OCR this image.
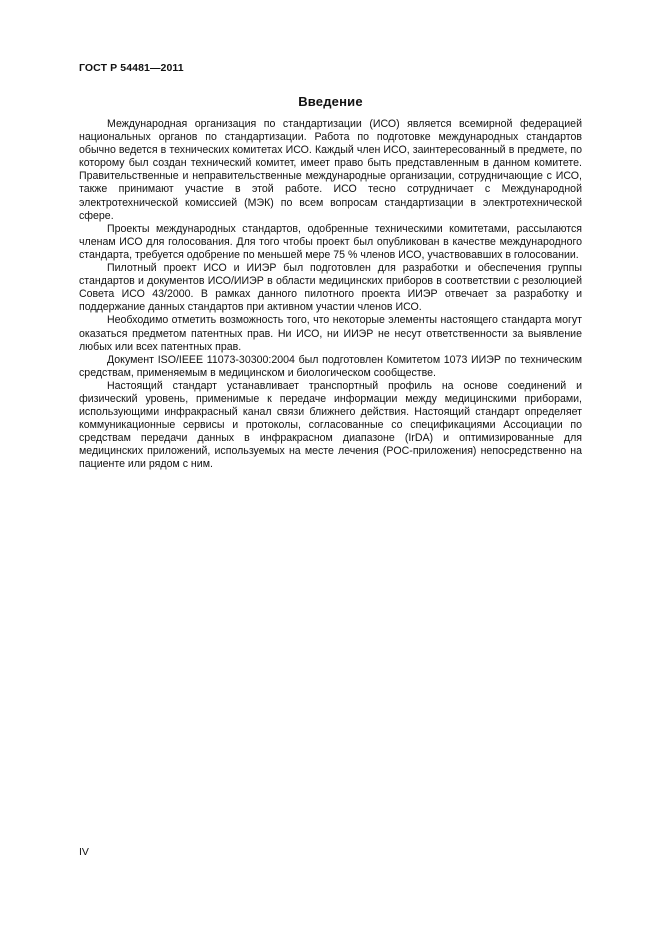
ГОСТ Р 54481—2011
Введение

Международная организация по стандартизации (ИСО) является всемирной федерацией национальных органов по стандартизации. Работа по подготовке международных стандартов обычно ведется в технических комитетах ИСО. Каждый член ИСО, заинтересованный в предмете, по которому был создан технический комитет, имеет право быть представленным в данном комитете. Правительственные и неправительственные международные организации, сотрудничающие с ИСО, также принимают участие в этой работе. ИСО тесно сотрудничает с Международной электротехнической комиссией (МЭК) по всем вопросам стандартизации в электротехнической сфере.

Проекты международных стандартов, одобренные техническими комитетами, рассылаются членам ИСО для голосования. Для того чтобы проект был опубликован в качестве международного стандарта, требуется одобрение по меньшей мере 75 % членов ИСО, участвовавших в голосовании.

Пилотный проект ИСО и ИИЭР был подготовлен для разработки и обеспечения группы стандартов и документов ИСО/ИИЭР в области медицинских приборов в соответствии с резолюцией Совета ИСО 43/2000. В рамках данного пилотного проекта ИИЭР отвечает за разработку и поддержание данных стандартов при активном участии членов ИСО.

Необходимо отметить возможность того, что некоторые элементы настоящего стандарта могут оказаться предметом патентных прав. Ни ИСО, ни ИИЭР не несут ответственности за выявление любых или всех патентных прав.

Документ ISO/IEEE 11073-30300:2004 был подготовлен Комитетом 1073 ИИЭР по техническим средствам, применяемым в медицинском и биологическом сообществе.

Настоящий стандарт устанавливает транспортный профиль на основе соединений и физический уровень, применимые к передаче информации между медицинскими приборами, использующими инфракрасный канал связи ближнего действия. Настоящий стандарт определяет коммуникационные сервисы и протоколы, согласованные со спецификациями Ассоциации по средствам передачи данных в инфракрасном диапазоне (IrDA) и оптимизированные для медицинских приложений, используемых на месте лечения (POC-приложения) непосредственно на пациенте или рядом с ним.

IV
